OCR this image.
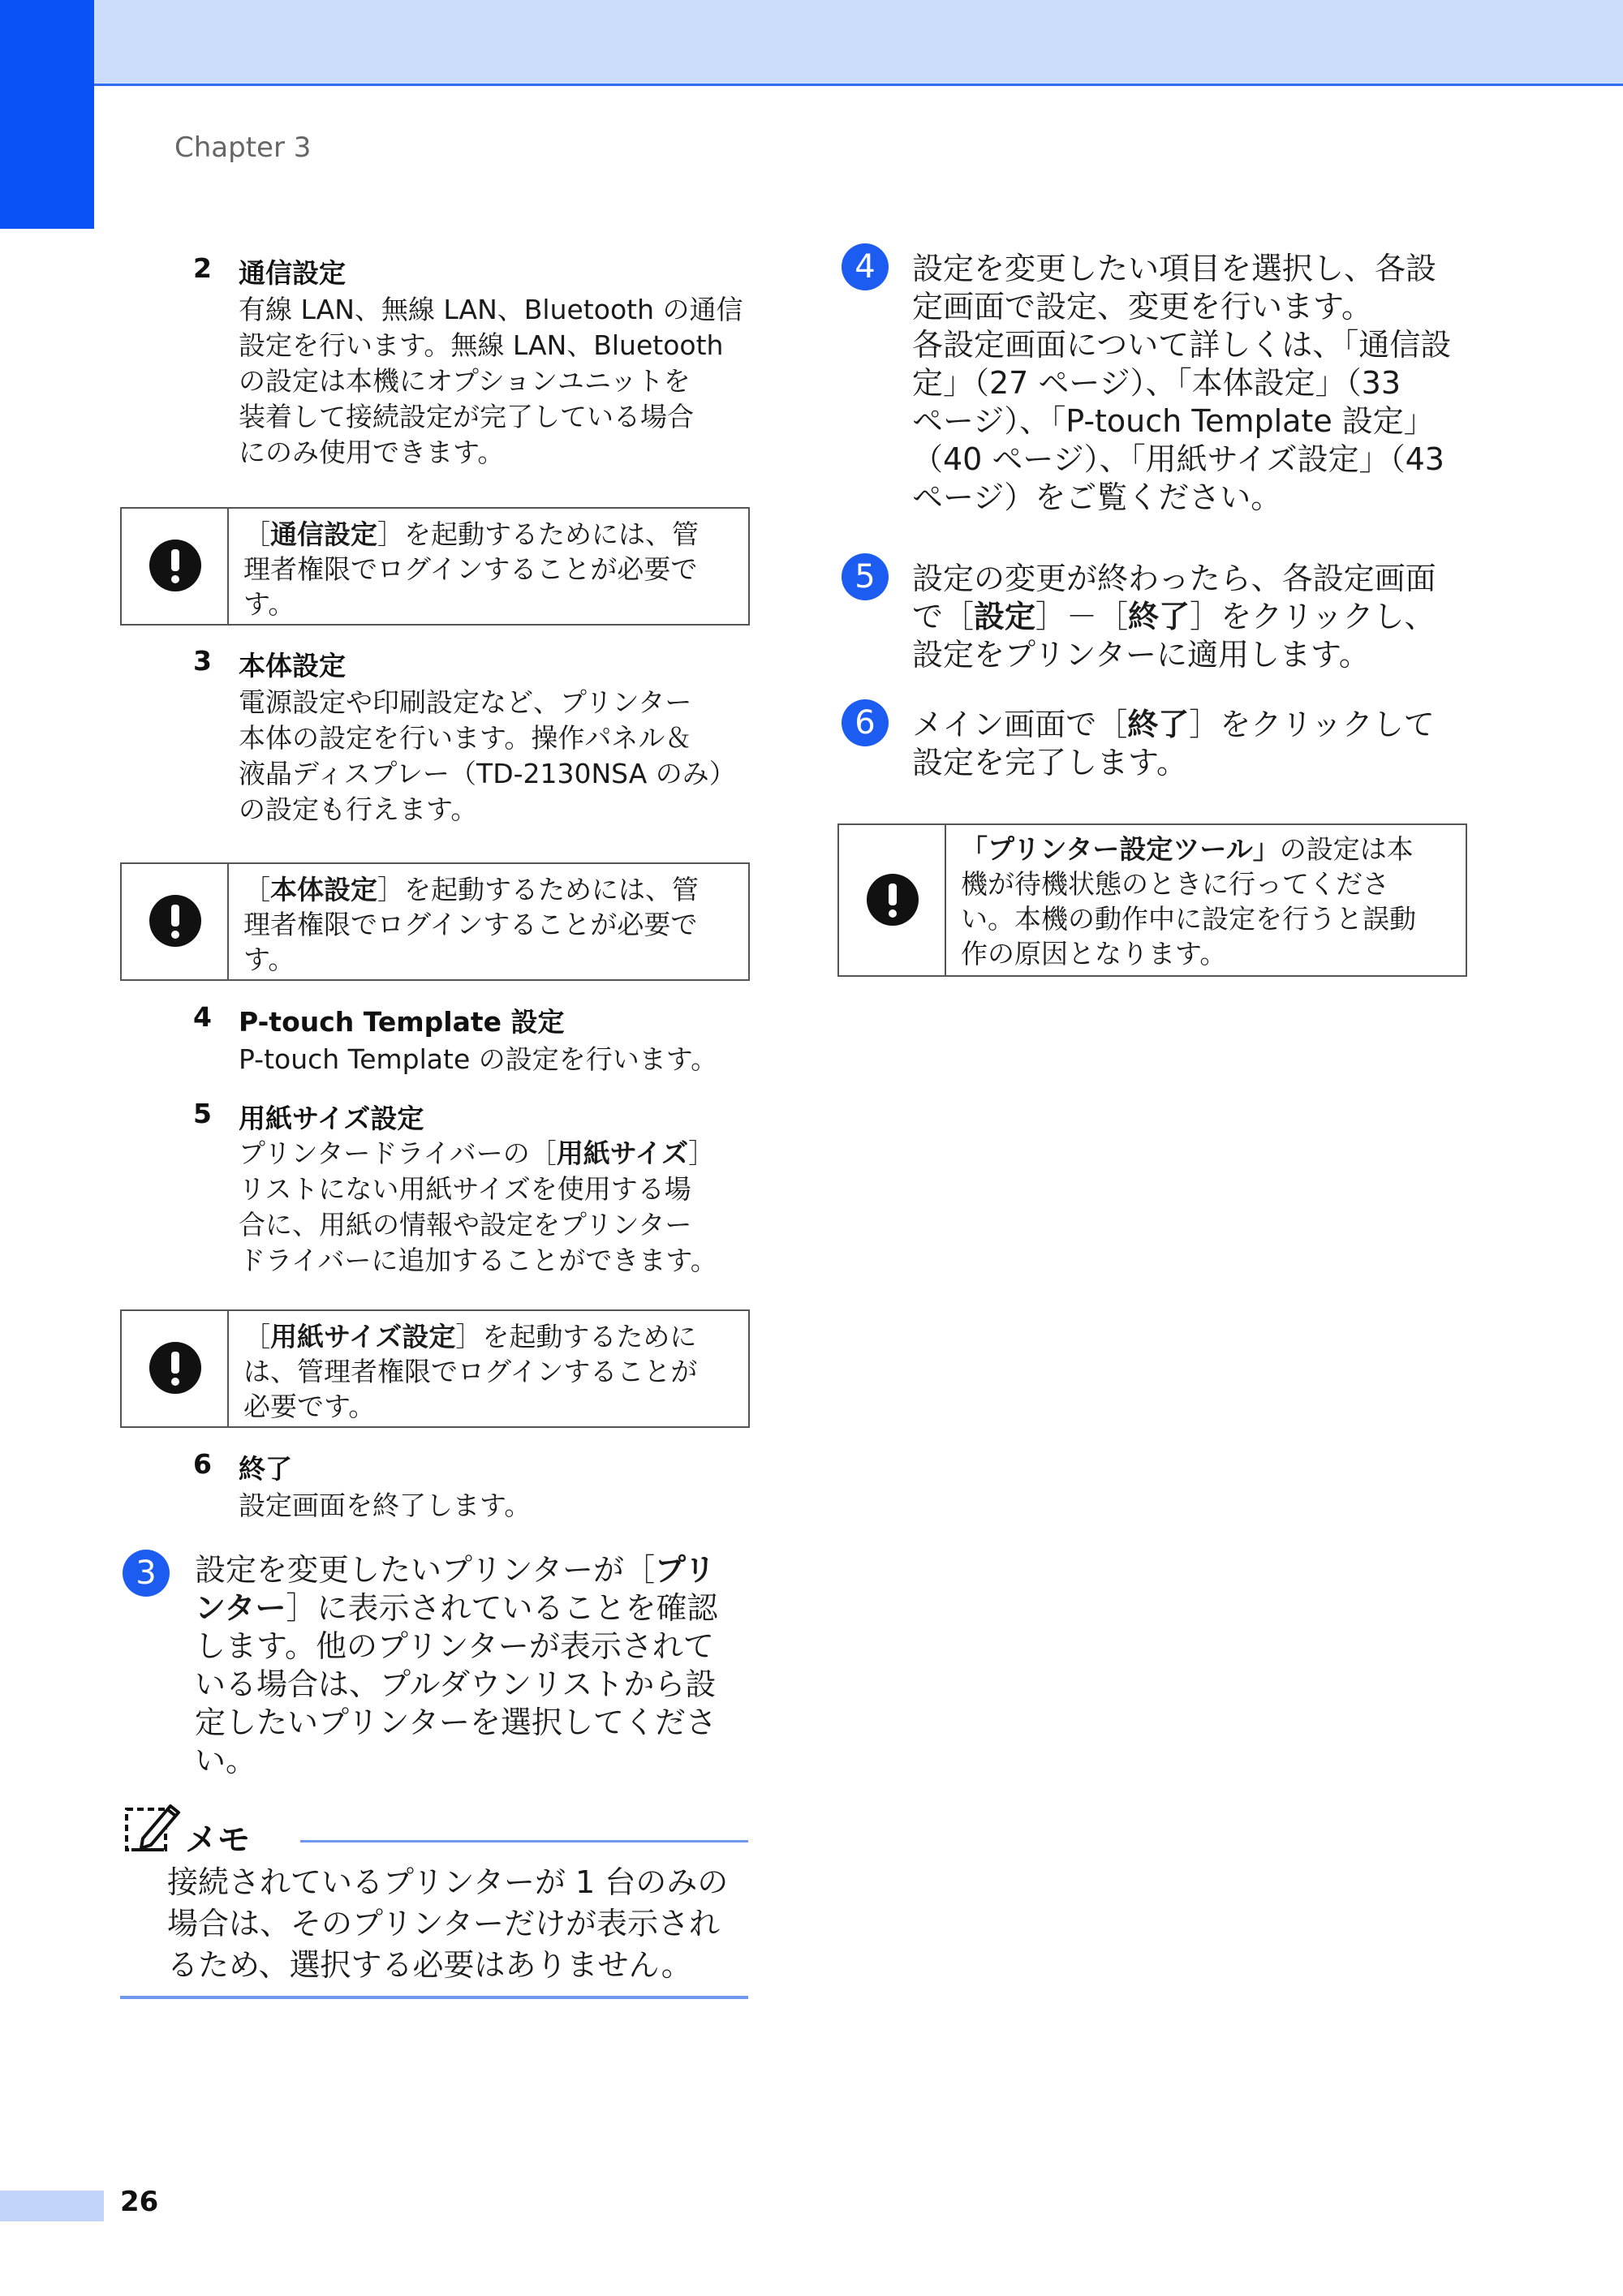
Chapter 3
2 通信設定
有線 LAN、無線 LAN、Bluetooth の通信
設定を行います。無線 LAN、Bluetooth
の設定は本機にオプションユニットを
装着して接続設定が完了している場合
にのみ使用できます。
［通信設定］を起動するためには、管
理者権限でログインすることが必要で
す。
3 本体設定
電源設定や印刷設定など、プリンター
本体の設定を行います。操作パネル＆
液晶ディスプレー（TD-2130NSA のみ）
の設定も行えます。
［本体設定］を起動するためには、管
理者権限でログインすることが必要で
す。
4 P-touch Template 設定
P-touch Template の設定を行います。
5 用紙サイズ設定
プリンタードライバーの［用紙サイズ］
リストにない用紙サイズを使用する場
合に、用紙の情報や設定をプリンター
ドライバーに追加することができます。
［用紙サイズ設定］を起動するために
は、管理者権限でログインすることが
必要です。
6 終了
設定画面を終了します。
3	設定を変更したいプリンターが［プリ
ンター］に表示されていることを確認
します。他のプリンターが表示されて
いる場合は、プルダウンリストから設
定したいプリンターを選択してくださ
い。
メモ
接続されているプリンターが 1 台のみの
場合は、そのプリンターだけが表示され
るため、選択する必要はありません。
4	設定を変更したい項目を選択し、各設
定画面で設定、変更を行います。
各設定画面について詳しくは、「通信設
定」（27 ページ）、「本体設定」（33
ページ）、「P-touch Template 設定」
（40 ページ）、「用紙サイズ設定」（43
ページ）をご覧ください。
5	設定の変更が終わったら、各設定画面
で［設定］－［終了］をクリックし、
設定をプリンターに適用します。
6	メイン画面で［終了］をクリックして
設定を完了します。
「プリンター設定ツール」の設定は本
機が待機状態のときに行ってくださ
い。本機の動作中に設定を行うと誤動
作の原因となります。
26
